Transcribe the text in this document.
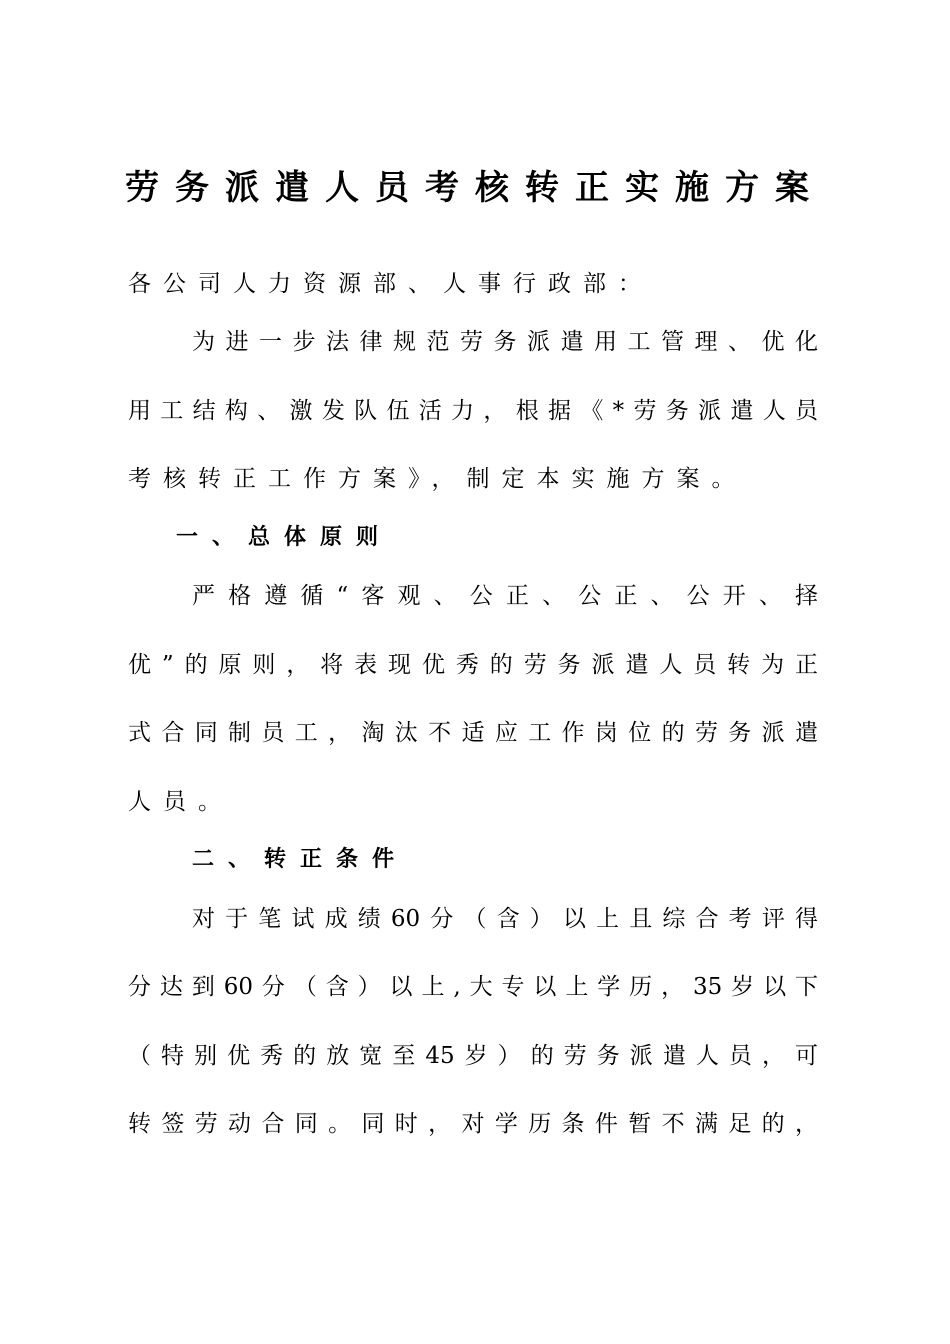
劳务派遣人员考核转正实施方案
各公司人力资源部、人事行政部：
为进一步法律规范劳务派遣用工管理、优化
用工结构、激发队伍活力，根据《*劳务派遣人员
考核转正工作方案》，制定本实施方案。
一、总体原则
严格遵循“客观、公正、公正、公开、择
优”的原则，将表现优秀的劳务派遣人员转为正
式合同制员工，淘汰不适应工作岗位的劳务派遣
人员。
二、转正条件
对于笔试成绩60分（含）以上且综合考评得
分达到60分（含）以上,大专以上学历，35岁以下
（特别优秀的放宽至45岁）的劳务派遣人员，可
转签劳动合同。同时，对学历条件暂不满足的，
